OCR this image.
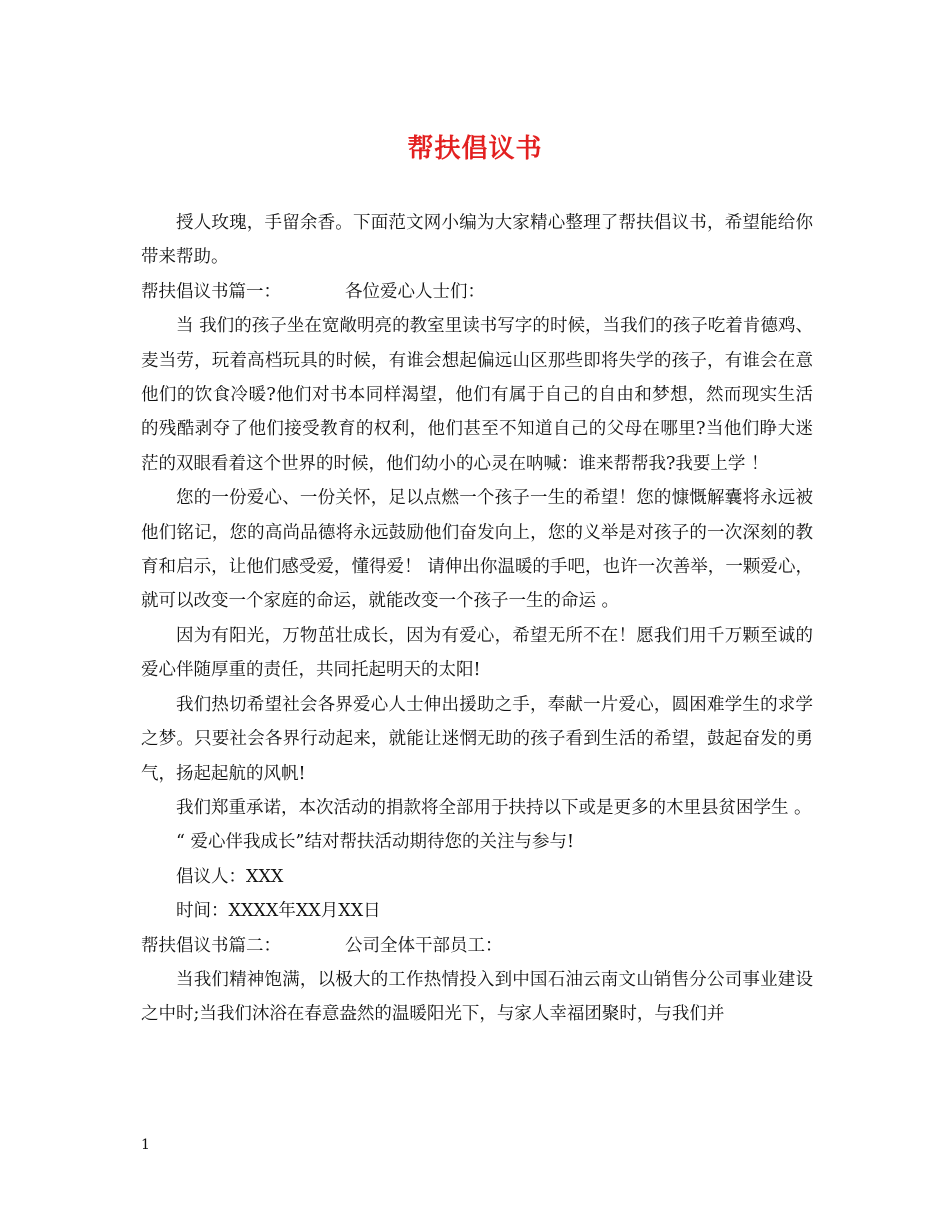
帮扶倡议书

授人玫瑰，手留余香。下面范文网小编为大家精心整理了帮扶倡议书，希望能给你带来帮助。

帮扶倡议书篇一：	各位爱心人士们：

当 我们的孩子坐在宽敞明亮的教室里读书写字的时候，当我们的孩子吃着肯德鸡、麦当劳，玩着高档玩具的时候，有谁会想起偏远山区那些即将失学的孩子，有谁会在意他们的饮食冷暖?他们对书本同样渴望，他们有属于自己的自由和梦想，然而现实生活的残酷剥夺了他们接受教育的权利，他们甚至不知道自己的父母在哪里?当他们睁大迷茫的双眼看着这个世界的时候，他们幼小的心灵在呐喊：谁来帮帮我?我要上学 ！

您的一份爱心、一份关怀，足以点燃一个孩子一生的希望！您的慷慨解囊将永远被他们铭记，您的高尚品德将永远鼓励他们奋发向上，您的义举是对孩子的一次深刻的教育和启示，让他们感受爱，懂得爱！ 请伸出你温暖的手吧，也许一次善举，一颗爱心，就可以改变一个家庭的命运，就能改变一个孩子一生的命运 。

因为有阳光，万物茁壮成长，因为有爱心，希望无所不在！愿我们用千万颗至诚的爱心伴随厚重的责任，共同托起明天的太阳!

我们热切希望社会各界爱心人士伸出援助之手，奉献一片爱心，圆困难学生的求学之梦。只要社会各界行动起来，就能让迷惘无助的孩子看到生活的希望，鼓起奋发的勇气，扬起起航的风帆!

我们郑重承诺，本次活动的捐款将全部用于扶持以下或是更多的木里县贫困学生 。

“ 爱心伴我成长”结对帮扶活动期待您的关注与参与!

倡议人：XXX

时间：XXXX年XX月XX日

帮扶倡议书篇二：	公司全体干部员工：

当我们精神饱满，以极大的工作热情投入到中国石油云南文山销售分公司事业建设之中时;当我们沐浴在春意盎然的温暖阳光下，与家人幸福团聚时，与我们并

1
